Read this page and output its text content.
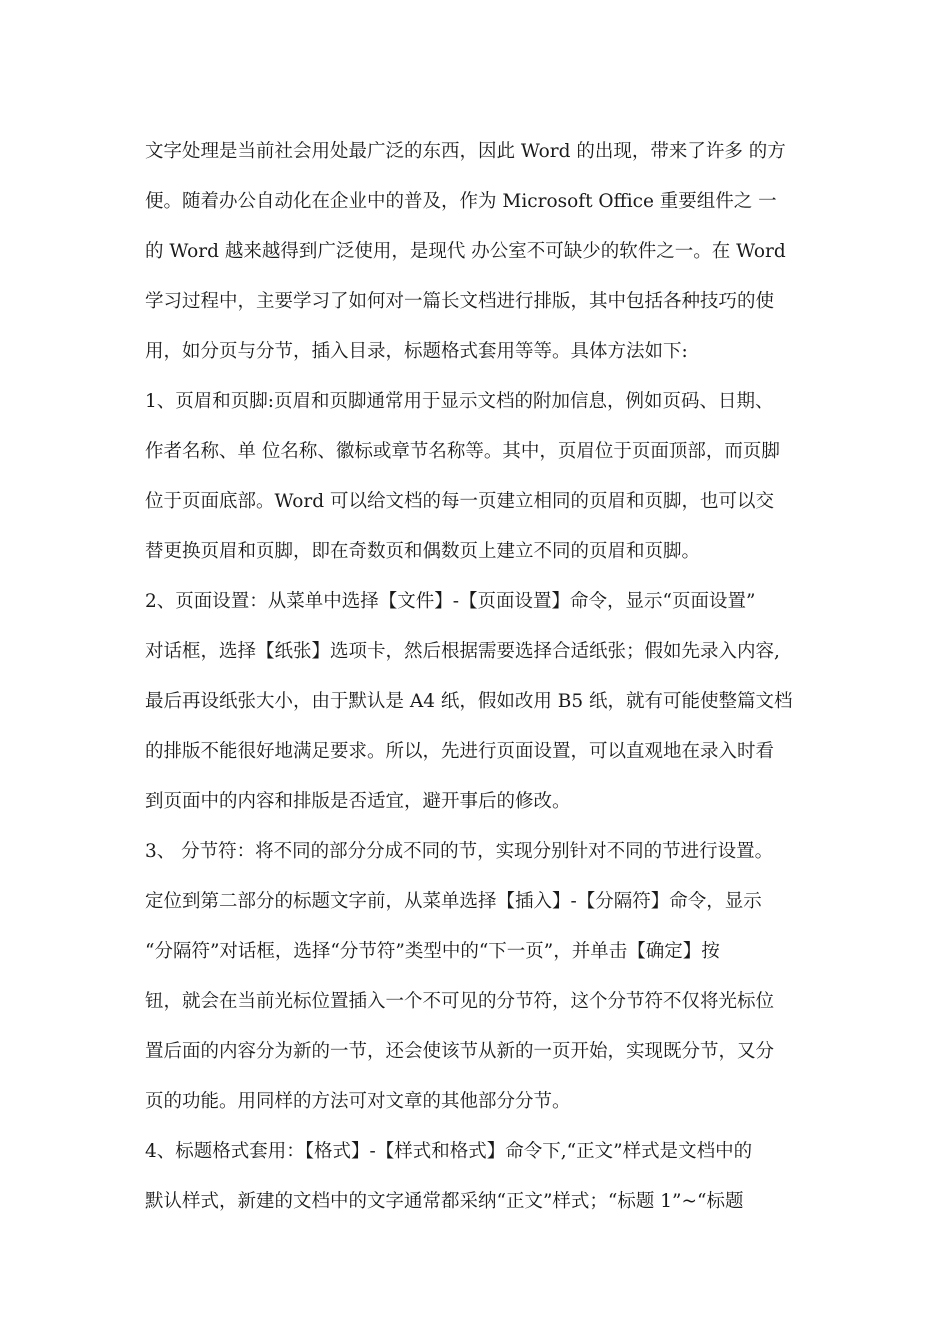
文字处理是当前社会用处最广泛的东西，因此 Word 的出现，带来了许多 的方
便。随着办公自动化在企业中的普及，作为 Microsoft Office 重要组件之 一
的 Word 越来越得到广泛使用，是现代 办公室不可缺少的软件之一。在 Word
学习过程中，主要学习了如何对一篇长文档进行排版，其中包括各种技巧的使
用，如分页与分节，插入目录，标题格式套用等等。具体方法如下:
1、页眉和页脚:页眉和页脚通常用于显示文档的附加信息，例如页码、日期、
作者名称、单 位名称、徽标或章节名称等。其中，页眉位于页面顶部，而页脚
位于页面底部。Word 可以给文档的每一页建立相同的页眉和页脚，也可以交
替更换页眉和页脚，即在奇数页和偶数页上建立不同的页眉和页脚。
2、页面设置：从菜单中选择【文件】-【页面设置】命令，显示“页面设置”
对话框，选择【纸张】选项卡，然后根据需要选择合适纸张；假如先录入内容,
最后再设纸张大小，由于默认是 A4 纸，假如改用 B5 纸，就有可能使整篇文档
的排版不能很好地满足要求。所以，先进行页面设置，可以直观地在录入时看
到页面中的内容和排版是否适宜，避开事后的修改。
3、 分节符：将不同的部分分成不同的节，实现分别针对不同的节进行设置。
定位到第二部分的标题文字前，从菜单选择【插入】-【分隔符】命令，显示
“分隔符”对话框，选择“分节符”类型中的“下一页”，并单击【确定】按
钮，就会在当前光标位置插入一个不可见的分节符，这个分节符不仅将光标位
置后面的内容分为新的一节，还会使该节从新的一页开始，实现既分节，又分
页的功能。用同样的方法可对文章的其他部分分节。
4、标题格式套用：【格式】-【样式和格式】命令下,“正文”样式是文档中的
默认样式，新建的文档中的文字通常都采纳“正文”样式；“标题 1”~“标题
